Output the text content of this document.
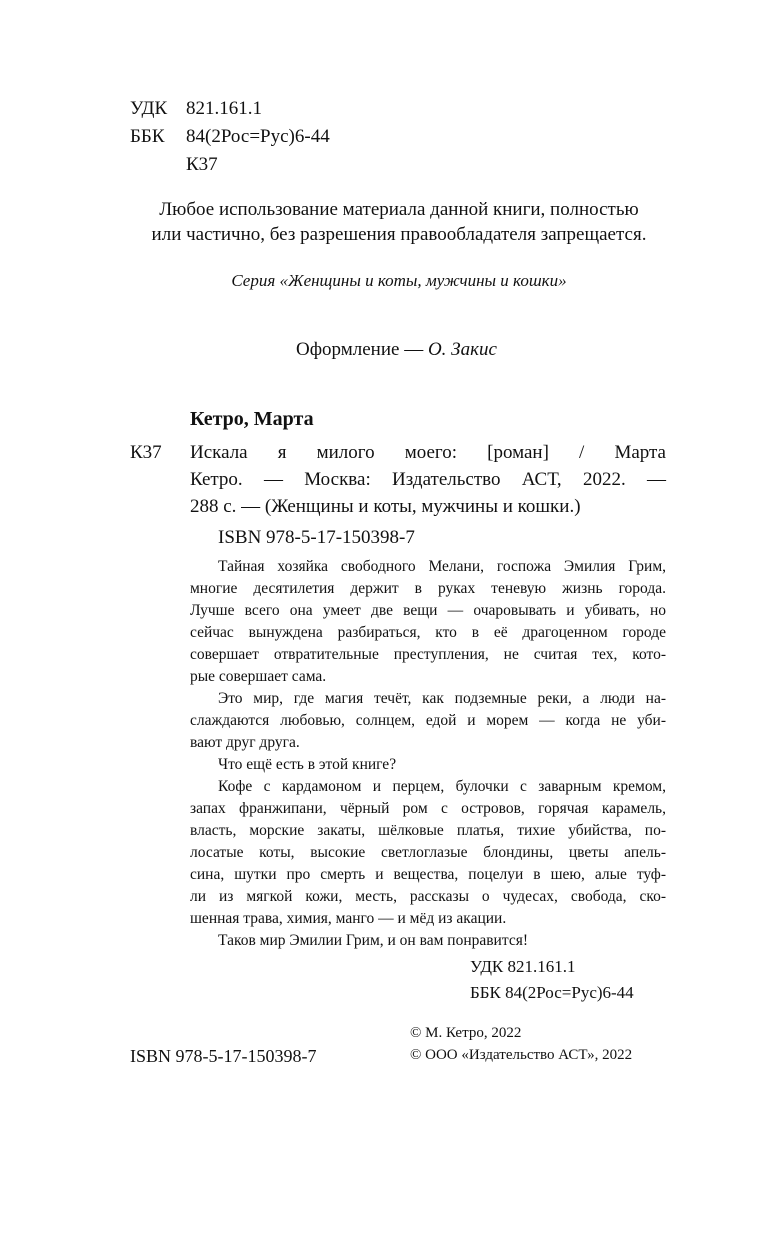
УДК 821.161.1
ББК 84(2Рос=Рус)6-44
К37
Любое использование материала данной книги, полностью
или частично, без разрешения правообладателя запрещается.
Серия «Женщины и коты, мужчины и кошки»
Оформление — О. Закис
Кетро, Марта
К37 Искала я милого моего: [роман] / Марта
Кетро. — Москва: Издательство АСТ, 2022. —
288 с. — (Женщины и коты, мужчины и кошки.)
ISBN 978-5-17-150398-7
Тайная хозяйка свободного Мелани, госпожа Эмилия Грим,
многие десятилетия держит в руках теневую жизнь города.
Лучше всего она умеет две вещи — очаровывать и убивать, но
сейчас вынуждена разбираться, кто в её драгоценном городе
совершает отвратительные преступления, не считая тех, кото-
рые совершает сама.
Это мир, где магия течёт, как подземные реки, а люди на-
слаждаются любовью, солнцем, едой и морем — когда не уби-
вают друг друга.
Что ещё есть в этой книге?
Кофе с кардамоном и перцем, булочки с заварным кремом,
запах франжипани, чёрный ром с островов, горячая карамель,
власть, морские закаты, шёлковые платья, тихие убийства, по-
лосатые коты, высокие светлоглазые блондины, цветы апель-
сина, шутки про смерть и вещества, поцелуи в шею, алые туф-
ли из мягкой кожи, месть, рассказы о чудесах, свобода, ско-
шенная трава, химия, манго — и мёд из акации.
Таков мир Эмилии Грим, и он вам понравится!
УДК 821.161.1
ББК 84(2Рос=Рус)6-44
© М. Кетро, 2022
ISBN 978-5-17-150398-7	© ООО «Издательство АСТ», 2022
